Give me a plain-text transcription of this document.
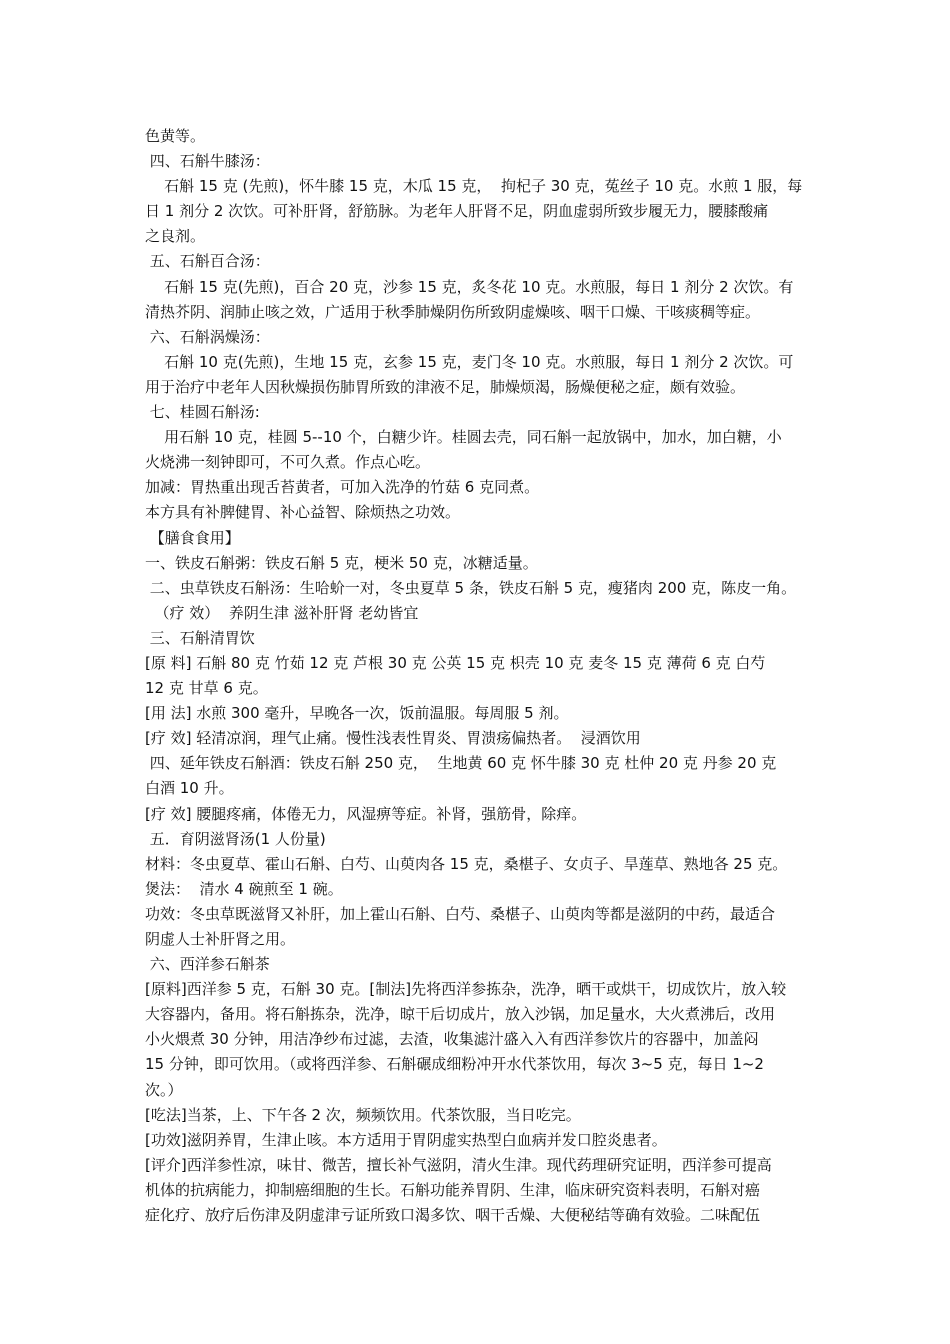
色黄等。
四、石斛牛膝汤：
石斛 15 克 (先煎)，怀牛膝 15 克，木瓜 15 克，  拘杞子 30 克，菟丝子 10 克。水煎 1 服，每
日 1 剂分 2 次饮。可补肝肾，舒筋脉。为老年人肝肾不足，阴血虚弱所致步履无力，腰膝酸痛
之良剂。
五、石斛百合汤：
石斛 15 克(先煎)，百合 20 克，沙参 15 克，炙冬花 10 克。水煎服，每日 1 剂分 2 次饮。有
清热芥阴、润肺止咳之效，广适用于秋季肺燥阴伤所致阴虚燥咳、咽干口燥、干咳痰稠等症。
六、石斛涡燥汤：
石斛 10 克(先煎)，生地 15 克，玄参 15 克，麦门冬 10 克。水煎服，每日 1 剂分 2 次饮。可
用于治疗中老年人因秋燥损伤肺胃所致的津液不足，肺燥烦渴，肠燥便秘之症，颇有效验。
七、桂圆石斛汤:
用石斛 10 克，桂圆 5--10 个，白糖少许。桂圆去壳，同石斛一起放锅中，加水，加白糖，小
火烧沸一刻钟即可，不可久煮。作点心吃。
加减：胃热重出现舌苔黄者，可加入洗净的竹菇 6 克同煮。
本方具有补脾健胃、补心益智、除烦热之功效。
【膳食食用】
一、铁皮石斛粥：铁皮石斛 5 克，梗米 50 克，冰糖适量。
二、虫草铁皮石斛汤：生哈蚧一对，冬虫夏草 5 条，铁皮石斛 5 克，瘦猪肉 200 克，陈皮一角。
（疗 效）  养阴生津 滋补肝肾 老幼皆宜
三、石斛清胃饮
[原 料] 石斛 80 克 竹茹 12 克 芦根 30 克 公英 15 克 枳壳 10 克 麦冬 15 克 薄荷 6 克 白芍
12 克 甘草 6 克。
[用 法] 水煎 300 毫升，早晚各一次，饭前温服。每周服 5 剂。
[疗 效] 轻清凉润，理气止痛。慢性浅表性胃炎、胃溃疡偏热者。  浸酒饮用
四、延年铁皮石斛酒：铁皮石斛 250 克，  生地黄 60 克 怀牛膝 30 克 杜仲 20 克 丹参 20 克
白酒 10 升。
[疗 效] 腰腿疼痛，体倦无力，风湿痹等症。补肾，强筋骨，除痒。
五．育阴滋肾汤(1 人份量)
材料：冬虫夏草、霍山石斛、白芍、山萸肉各 15 克，桑椹子、女贞子、旱莲草、熟地各 25 克。
煲法：  清水 4 碗煎至 1 碗。
功效：冬虫草既滋肾又补肝，加上霍山石斛、白芍、桑椹子、山萸肉等都是滋阴的中药，最适合
阴虚人士补肝肾之用。
六、西洋参石斛茶
[原料]西洋参 5 克，石斛 30 克。[制法]先将西洋参拣杂，洗净，晒干或烘干，切成饮片，放入较
大容器内，备用。将石斛拣杂，洗净，晾干后切成片，放入沙锅，加足量水，大火煮沸后，改用
小火煨煮 30 分钟，用洁净纱布过滤，去渣，收集滤汁盛入入有西洋参饮片的容器中，加盖闷
15 分钟，即可饮用。（或将西洋参、石斛碾成细粉冲开水代茶饮用，每次 3~5 克，每日 1~2
次。）
[吃法]当茶，上、下午各 2 次，频频饮用。代茶饮服，当日吃完。
[功效]滋阴养胃，生津止咳。本方适用于胃阴虚实热型白血病并发口腔炎患者。
[评介]西洋参性凉，味甘、微苦，擅长补气滋阴，清火生津。现代药理研究证明，西洋参可提高
机体的抗病能力，抑制癌细胞的生长。石斛功能养胃阴、生津，临床研究资料表明，石斛对癌
症化疗、放疗后伤津及阴虚津亏证所致口渴多饮、咽干舌燥、大便秘结等确有效验。二味配伍
